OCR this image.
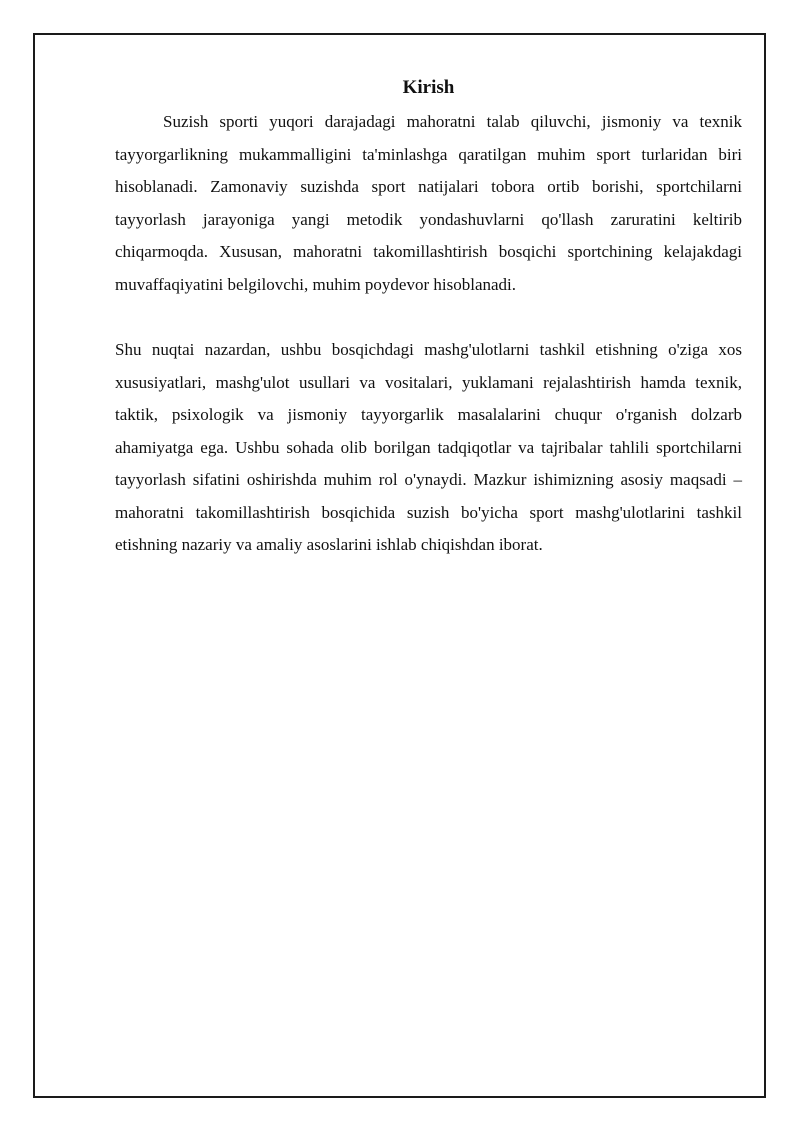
Kirish

Suzish sporti yuqori darajadagi mahoratni talab qiluvchi, jismoniy va texnik tayyorgarlikning mukammalligini ta'minlashga qaratilgan muhim sport turlaridan biri hisoblanadi. Zamonaviy suzishda sport natijalari tobora ortib borishi, sportchilarni tayyorlash jarayoniga yangi metodik yondashuvlarni qo'llash zaruratini keltirib chiqarmoqda. Xususan, mahoratni takomillashtirish bosqichi sportchining kelajakdagi muvaffaqiyatini belgilovchi, muhim poydevor hisoblanadi.

Shu nuqtai nazardan, ushbu bosqichdagi mashg'ulotlarni tashkil etishning o'ziga xos xususiyatlari, mashg'ulot usullari va vositalari, yuklamani rejalashtirish hamda texnik, taktik, psixologik va jismoniy tayyorgarlik masalalarini chuqur o'rganish dolzarb ahamiyatga ega. Ushbu sohada olib borilgan tadqiqotlar va tajribalar tahlili sportchilarni tayyorlash sifatini oshirishda muhim rol o'ynaydi. Mazkur ishimizning asosiy maqsadi – mahoratni takomillashtirish bosqichida suzish bo'yicha sport mashg'ulotlarini tashkil etishning nazariy va amaliy asoslarini ishlab chiqishdan iborat.
